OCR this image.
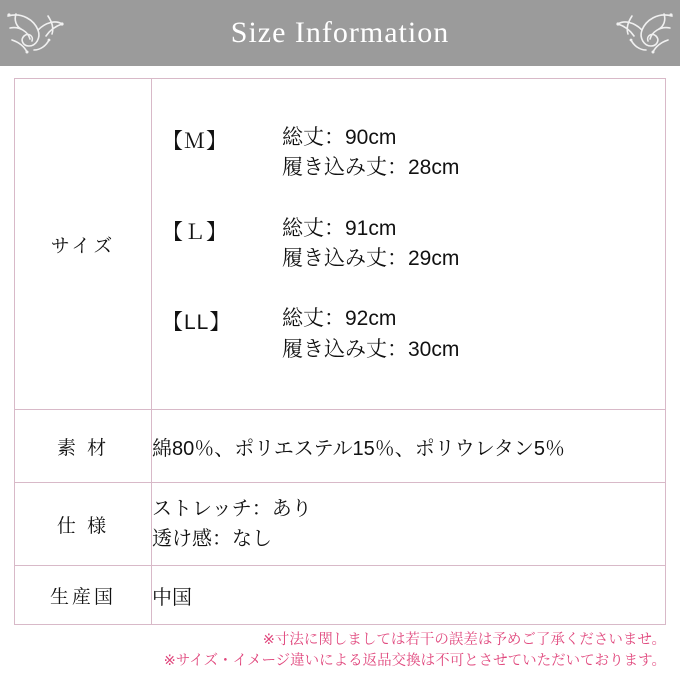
Size Information
サイズ	
【Ｍ】	総丈：90cm
履き込み丈：28cm
【Ｌ】	総丈：91cm
履き込み丈：29cm
【LL】	総丈：92cm
履き込み丈：30cm

素 材	綿80％、ポリエステル15％、ポリウレタン5％

仕 様	ストレッチ：あり
透け感：なし

生産国	中国
※寸法に関しましては若干の誤差は予めご了承くださいませ。
※サイズ・イメージ違いによる返品交換は不可とさせていただいております。
